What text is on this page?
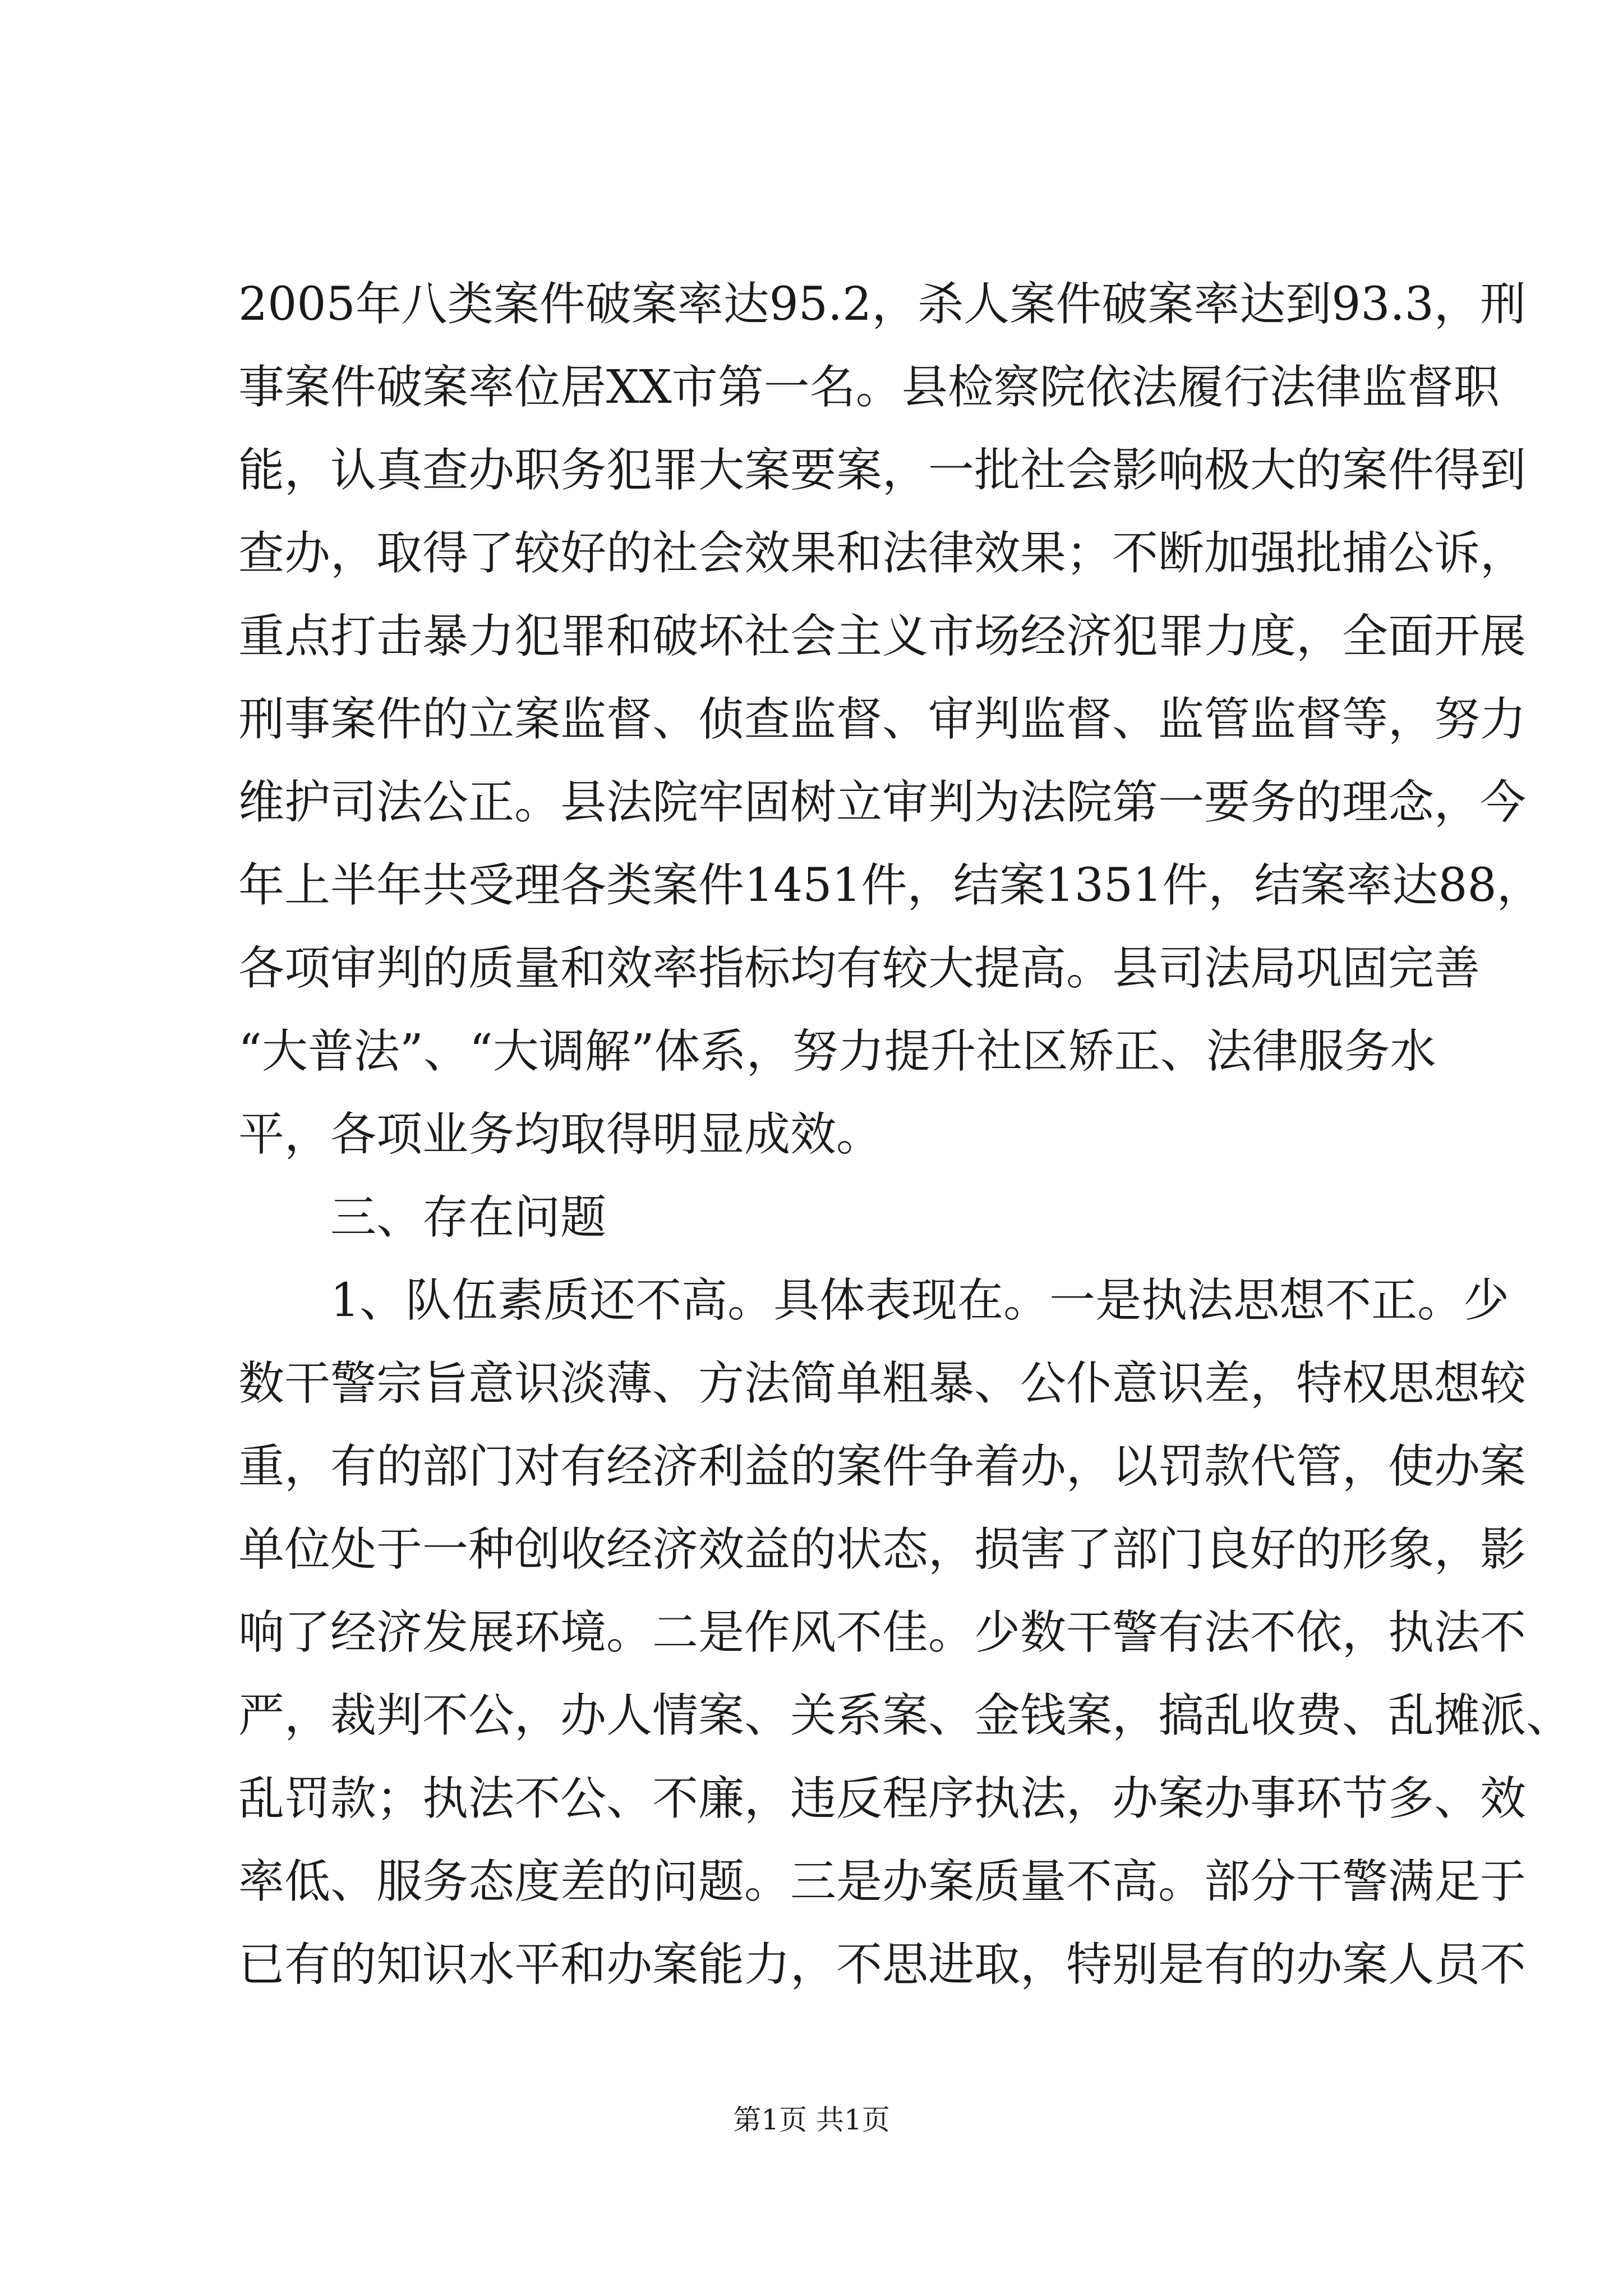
2005年八类案件破案率达95.2，杀人案件破案率达到93.3，刑
事案件破案率位居XX市第一名。县检察院依法履行法律监督职
能，认真查办职务犯罪大案要案，一批社会影响极大的案件得到
查办，取得了较好的社会效果和法律效果；不断加强批捕公诉，
重点打击暴力犯罪和破坏社会主义市场经济犯罪力度，全面开展
刑事案件的立案监督、侦查监督、审判监督、监管监督等，努力
维护司法公正。县法院牢固树立审判为法院第一要务的理念，今
年上半年共受理各类案件1451件，结案1351件，结案率达88，
各项审判的质量和效率指标均有较大提高。县司法局巩固完善
“大普法”、“大调解”体系，努力提升社区矫正、法律服务水
平，各项业务均取得明显成效。
三、存在问题
1、队伍素质还不高。具体表现在。一是执法思想不正。少
数干警宗旨意识淡薄、方法简单粗暴、公仆意识差，特权思想较
重，有的部门对有经济利益的案件争着办，以罚款代管，使办案
单位处于一种创收经济效益的状态，损害了部门良好的形象，影
响了经济发展环境。二是作风不佳。少数干警有法不依，执法不
严，裁判不公，办人情案、关系案、金钱案，搞乱收费、乱摊派、
乱罚款；执法不公、不廉，违反程序执法，办案办事环节多、效
率低、服务态度差的问题。三是办案质量不高。部分干警满足于
已有的知识水平和办案能力，不思进取，特别是有的办案人员不
第1页 共1页
